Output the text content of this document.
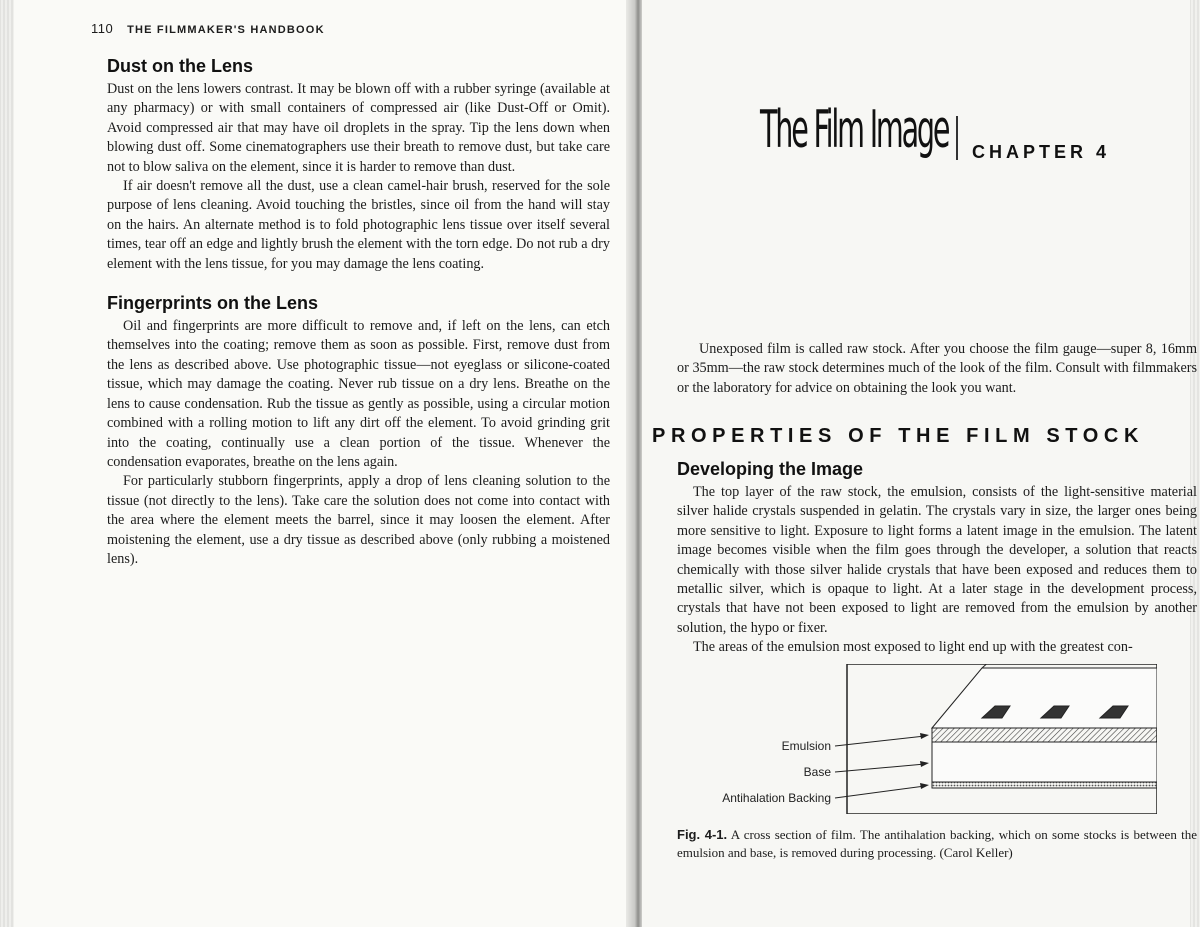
110 THE FILMMAKER'S HANDBOOK
Dust on the Lens

Dust on the lens lowers contrast. It may be blown off with a rubber syringe (available at any pharmacy) or with small containers of compressed air (like Dust-Off or Omit). Avoid compressed air that may have oil droplets in the spray. Tip the lens down when blowing dust off. Some cinematographers use their breath to remove dust, but take care not to blow saliva on the element, since it is harder to remove than dust.

If air doesn't remove all the dust, use a clean camel-hair brush, reserved for the sole purpose of lens cleaning. Avoid touching the bristles, since oil from the hand will stay on the hairs. An alternate method is to fold photographic lens tissue over itself several times, tear off an edge and lightly brush the element with the torn edge. Do not rub a dry element with the lens tissue, for you may damage the lens coating.

Fingerprints on the Lens

Oil and fingerprints are more difficult to remove and, if left on the lens, can etch themselves into the coating; remove them as soon as possible. First, remove dust from the lens as described above. Use photographic tissue—not eyeglass or silicone-coated tissue, which may damage the coating. Never rub tissue on a dry lens. Breathe on the lens to cause condensation. Rub the tissue as gently as possible, using a circular motion combined with a rolling motion to lift any dirt off the element. To avoid grinding grit into the coating, continually use a clean portion of the tissue. Whenever the condensation evaporates, breathe on the lens again.

For particularly stubborn fingerprints, apply a drop of lens cleaning solution to the tissue (not directly to the lens). Take care the solution does not come into contact with the area where the element meets the barrel, since it may loosen the element. After moistening the element, use a dry tissue as described above (only rubbing a moistened lens).

The Film Image CHAPTER 4

Unexposed film is called raw stock. After you choose the film gauge—super 8, 16mm or 35mm—the raw stock determines much of the look of the film. Consult with filmmakers or the laboratory for advice on obtaining the look you want.

PROPERTIES OF THE FILM STOCK
Developing the Image

The top layer of the raw stock, the emulsion, consists of the light-sensitive material silver halide crystals suspended in gelatin. The crystals vary in size, the larger ones being more sensitive to light. Exposure to light forms a latent image in the emulsion. The latent image becomes visible when the film goes through the developer, a solution that reacts chemically with those silver halide crystals that have been exposed and reduces them to metallic silver, which is opaque to light. At a later stage in the development process, crystals that have not been exposed to light are removed from the emulsion by another solution, the hypo or fixer.

The areas of the emulsion most exposed to light end up with the greatest con-

Emulsion
Base
Antihalation Backing
Fig. 4-1. A cross section of film. The antihalation backing, which on some stocks is between the emulsion and base, is removed during processing. (Carol Keller)
